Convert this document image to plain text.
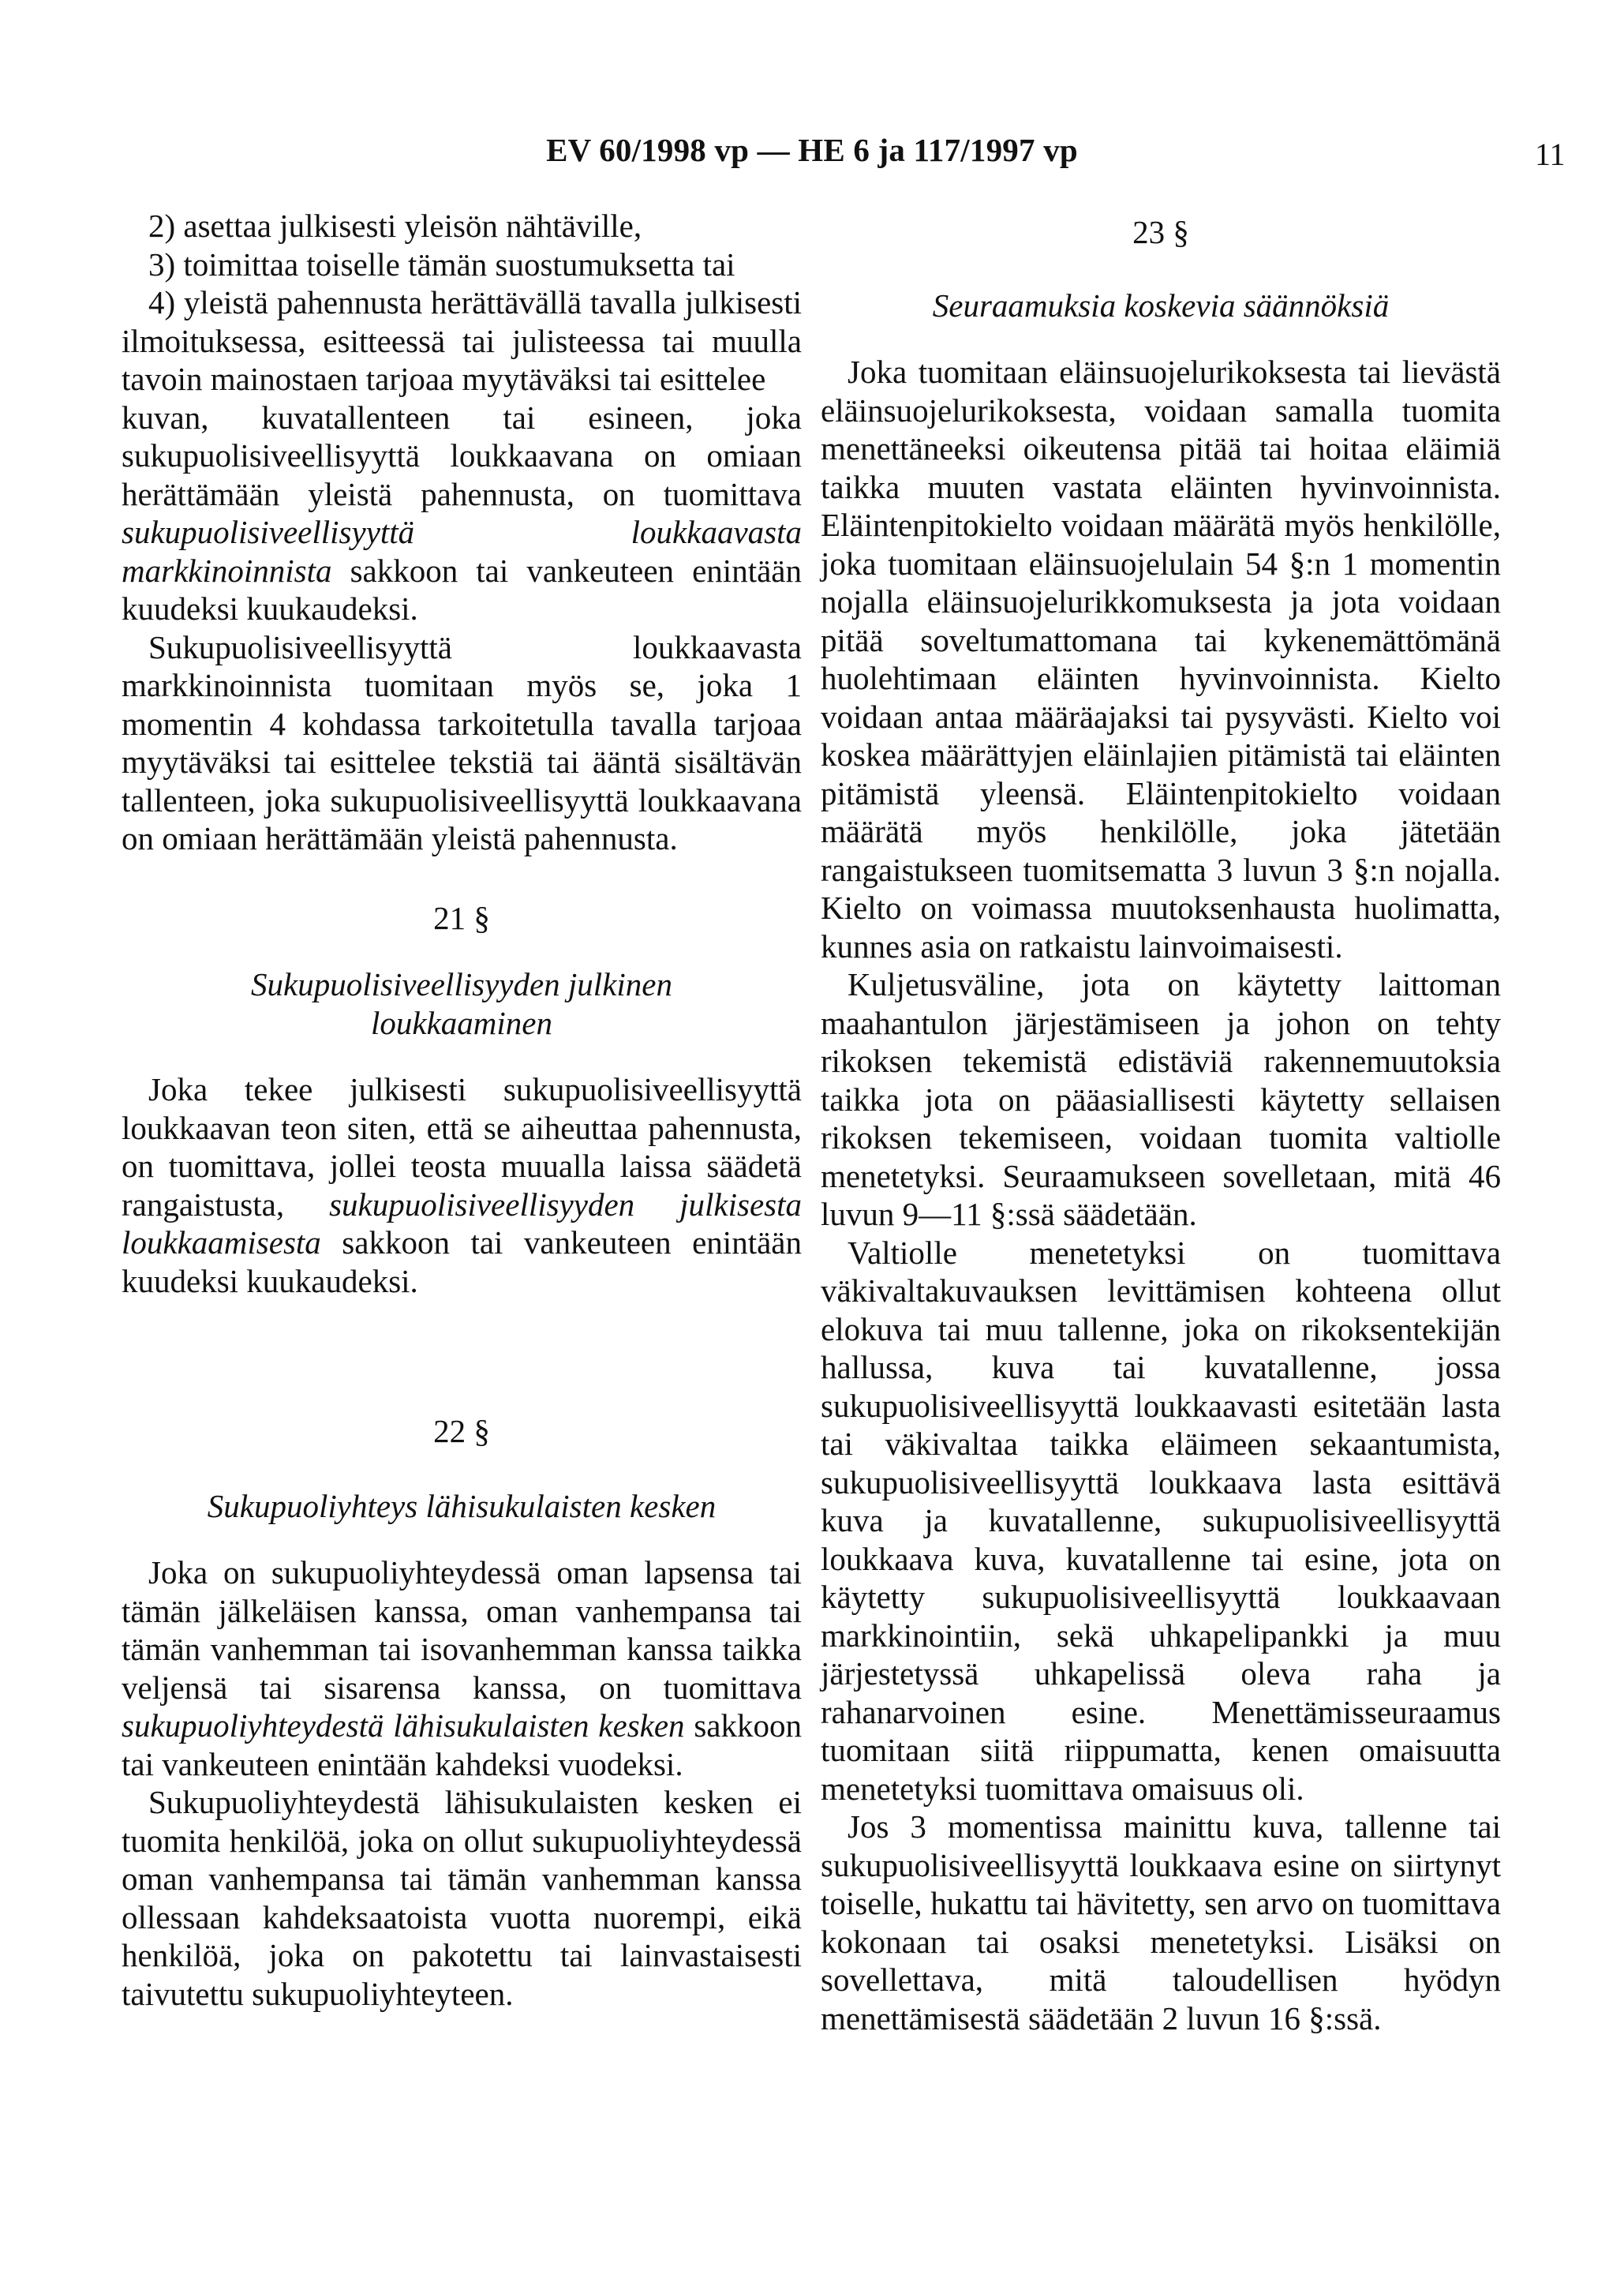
EV 60/1998 vp — HE 6 ja 117/1997 vp	11

2) asettaa julkisesti yleisön nähtäville,

3) toimittaa toiselle tämän suostumuksetta tai

4) yleistä pahennusta herättävällä tavalla julkisesti ilmoituksessa, esitteessä tai julisteessa tai muulla tavoin mainostaen tarjoaa myytäväksi tai esittelee

kuvan, kuvatallenteen tai esineen, joka sukupuolisiveellisyyttä loukkaavana on omiaan herättämään yleistä pahennusta, on tuomittava sukupuolisiveellisyyttä loukkaavasta markkinoinnista sakkoon tai vankeuteen enintään kuudeksi kuukaudeksi.

Sukupuolisiveellisyyttä loukkaavasta markkinoinnista tuomitaan myös se, joka 1 momentin 4 kohdassa tarkoitetulla tavalla tarjoaa myytäväksi tai esittelee tekstiä tai ääntä sisältävän tallenteen, joka sukupuolisiveellisyyttä loukkaavana on omiaan herättämään yleistä pahennusta.

21 §

Sukupuolisiveellisyyden julkinen loukkaaminen

Joka tekee julkisesti sukupuolisiveellisyyttä loukkaavan teon siten, että se aiheuttaa pahennusta, on tuomittava, jollei teosta muualla laissa säädetä rangaistusta, sukupuolisiveellisyyden julkisesta loukkaamisesta sakkoon tai vankeuteen enintään kuudeksi kuukaudeksi.

22 §

Sukupuoliyhteys lähisukulaisten kesken

Joka on sukupuoliyhteydessä oman lapsensa tai tämän jälkeläisen kanssa, oman vanhempansa tai tämän vanhemman tai isovanhemman kanssa taikka veljensä tai sisarensa kanssa, on tuomittava sukupuoliyhteydestä lähisukulaisten kesken sakkoon tai vankeuteen enintään kahdeksi vuodeksi.

Sukupuoliyhteydestä lähisukulaisten kesken ei tuomita henkilöä, joka on ollut sukupuoliyhteydessä oman vanhempansa tai tämän vanhemman kanssa ollessaan kahdeksaatoista vuotta nuorempi, eikä henkilöä, joka on pakotettu tai lainvastaisesti taivutettu sukupuoliyhteyteen.

23 §

Seuraamuksia koskevia säännöksiä

Joka tuomitaan eläinsuojelurikoksesta tai lievästä eläinsuojelurikoksesta, voidaan samalla tuomita menettäneeksi oikeutensa pitää tai hoitaa eläimiä taikka muuten vastata eläinten hyvinvoinnista. Eläintenpitokielto voidaan määrätä myös henkilölle, joka tuomitaan eläinsuojelulain 54 §:n 1 momentin nojalla eläinsuojelurikkomuksesta ja jota voidaan pitää soveltumattomana tai kykenemättömänä huolehtimaan eläinten hyvinvoinnista. Kielto voidaan antaa määräajaksi tai pysyvästi. Kielto voi koskea määrättyjen eläinlajien pitämistä tai eläinten pitämistä yleensä. Eläintenpitokielto voidaan määrätä myös henkilölle, joka jätetään rangaistukseen tuomitsematta 3 luvun 3 §:n nojalla. Kielto on voimassa muutoksenhausta huolimatta, kunnes asia on ratkaistu lainvoimaisesti.

Kuljetusväline, jota on käytetty laittoman maahantulon järjestämiseen ja johon on tehty rikoksen tekemistä edistäviä rakennemuutoksia taikka jota on pääasiallisesti käytetty sellaisen rikoksen tekemiseen, voidaan tuomita valtiolle menetetyksi. Seuraamukseen sovelletaan, mitä 46 luvun 9—11 §:ssä säädetään.

Valtiolle menetetyksi on tuomittava väkivaltakuvauksen levittämisen kohteena ollut elokuva tai muu tallenne, joka on rikoksentekijän hallussa, kuva tai kuvatallenne, jossa sukupuolisiveellisyyttä loukkaavasti esitetään lasta tai väkivaltaa taikka eläimeen sekaantumista, sukupuolisiveellisyyttä loukkaava lasta esittävä kuva ja kuvatallenne, sukupuolisiveellisyyttä loukkaava kuva, kuvatallenne tai esine, jota on käytetty sukupuolisiveellisyyttä loukkaavaan markkinointiin, sekä uhkapelipankki ja muu järjestetyssä uhkapelissä oleva raha ja rahanarvoinen esine. Menettämisseuraamus tuomitaan siitä riippumatta, kenen omaisuutta menetetyksi tuomittava omaisuus oli.

Jos 3 momentissa mainittu kuva, tallenne tai sukupuolisiveellisyyttä loukkaava esine on siirtynyt toiselle, hukattu tai hävitetty, sen arvo on tuomittava kokonaan tai osaksi menetetyksi. Lisäksi on sovellettava, mitä taloudellisen hyödyn menettämisestä säädetään 2 luvun 16 §:ssä.
